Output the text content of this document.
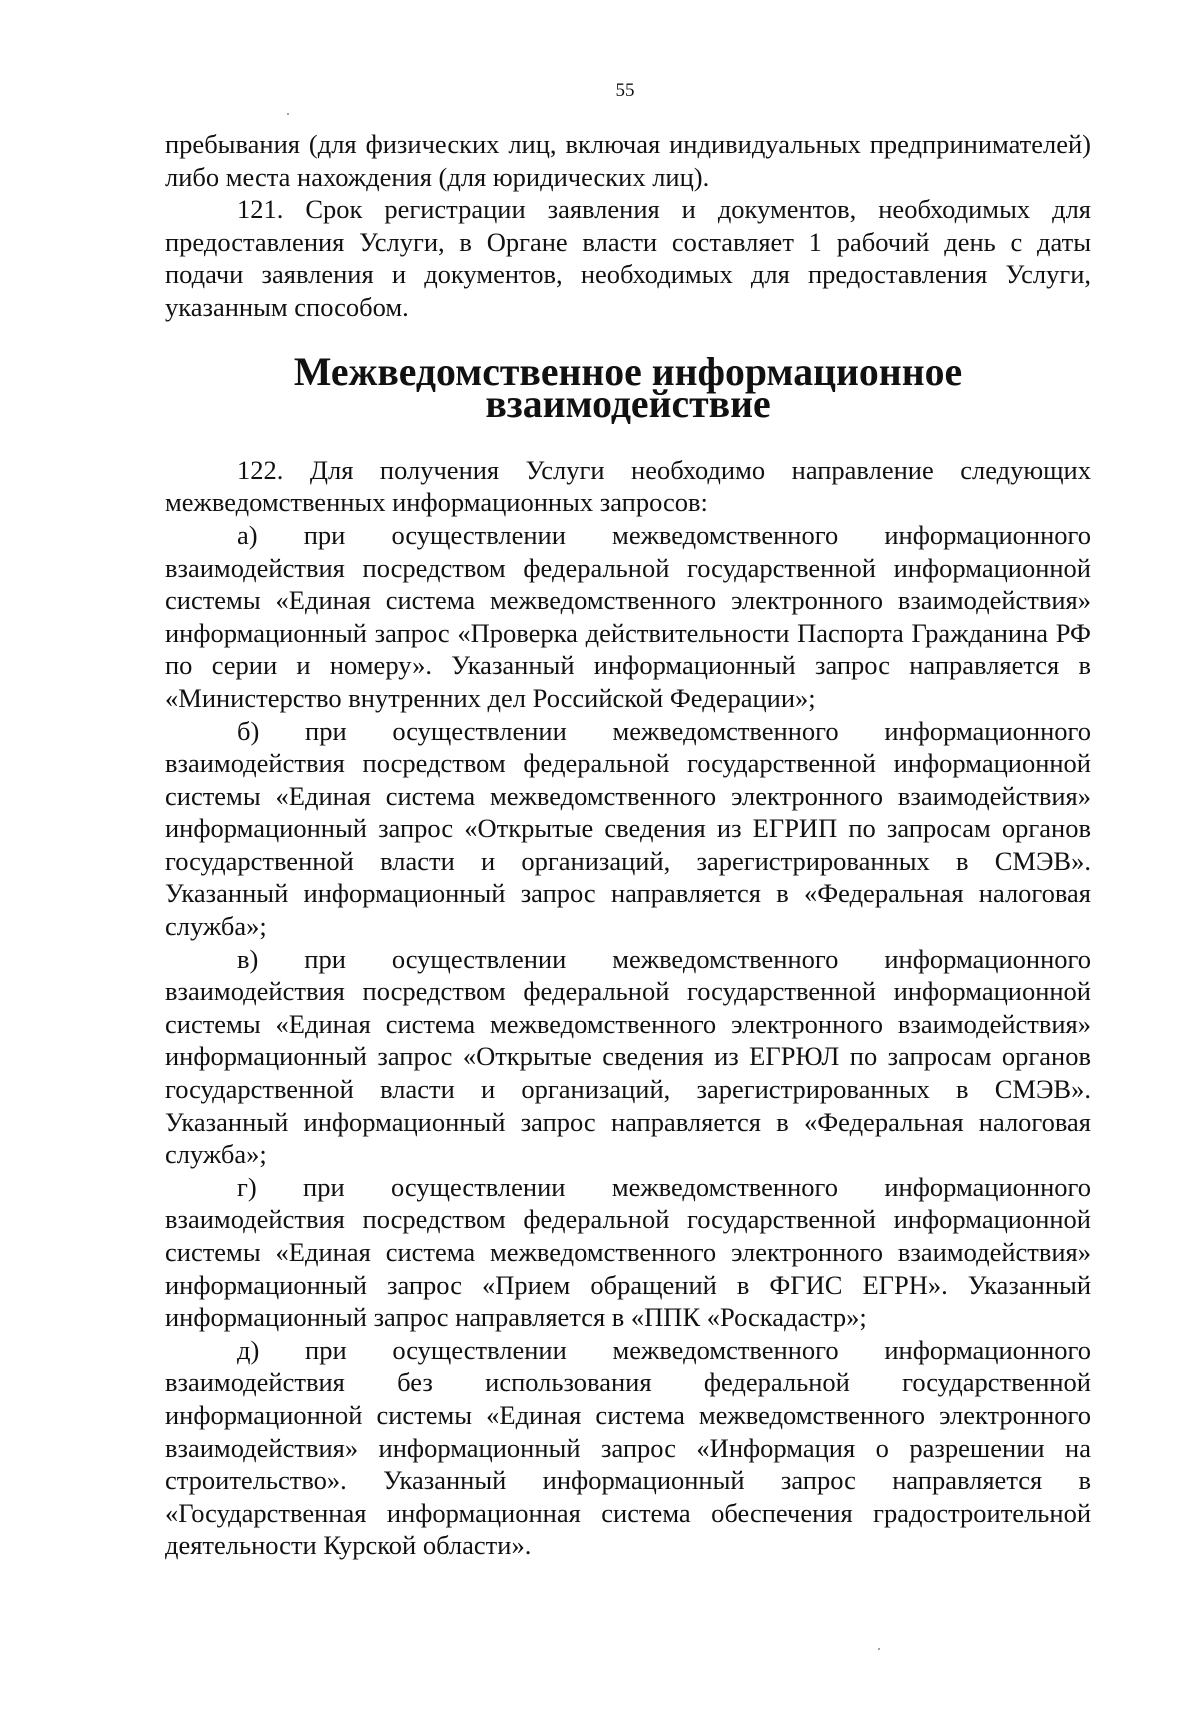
55

пребывания (для физических лиц, включая индивидуальных предпринимателей) либо места нахождения (для юридических лиц).

121. Срок регистрации заявления и документов, необходимых для предоставления Услуги, в Органе власти составляет 1 рабочий день с даты подачи заявления и документов, необходимых для предоставления Услуги, указанным способом.

Межведомственное информационное взаимодействие

122. Для получения Услуги необходимо направление следующих межведомственных информационных запросов:

а) при осуществлении межведомственного информационного взаимодействия посредством федеральной государственной информационной системы «Единая система межведомственного электронного взаимодействия» информационный запрос «Проверка действительности Паспорта Гражданина РФ по серии и номеру». Указанный информационный запрос направляется в «Министерство внутренних дел Российской Федерации»;

б) при осуществлении межведомственного информационного взаимодействия посредством федеральной государственной информационной системы «Единая система межведомственного электронного взаимодействия» информационный запрос «Открытые сведения из ЕГРИП по запросам органов государственной власти и организаций, зарегистрированных в СМЭВ». Указанный информационный запрос направляется в «Федеральная налоговая служба»;

в) при осуществлении межведомственного информационного взаимодействия посредством федеральной государственной информационной системы «Единая система межведомственного электронного взаимодействия» информационный запрос «Открытые сведения из ЕГРЮЛ по запросам органов государственной власти и организаций, зарегистрированных в СМЭВ». Указанный информационный запрос направляется в «Федеральная налоговая служба»;

г) при осуществлении межведомственного информационного взаимодействия посредством федеральной государственной информационной системы «Единая система межведомственного электронного взаимодействия» информационный запрос «Прием обращений в ФГИС ЕГРН». Указанный информационный запрос направляется в «ППК «Роскадастр»;

д) при осуществлении межведомственного информационного взаимодействия без использования федеральной государственной информационной системы «Единая система межведомственного электронного взаимодействия» информационный запрос «Информация о разрешении на строительство». Указанный информационный запрос направляется в «Государственная информационная система обеспечения градостроительной деятельности Курской области».
